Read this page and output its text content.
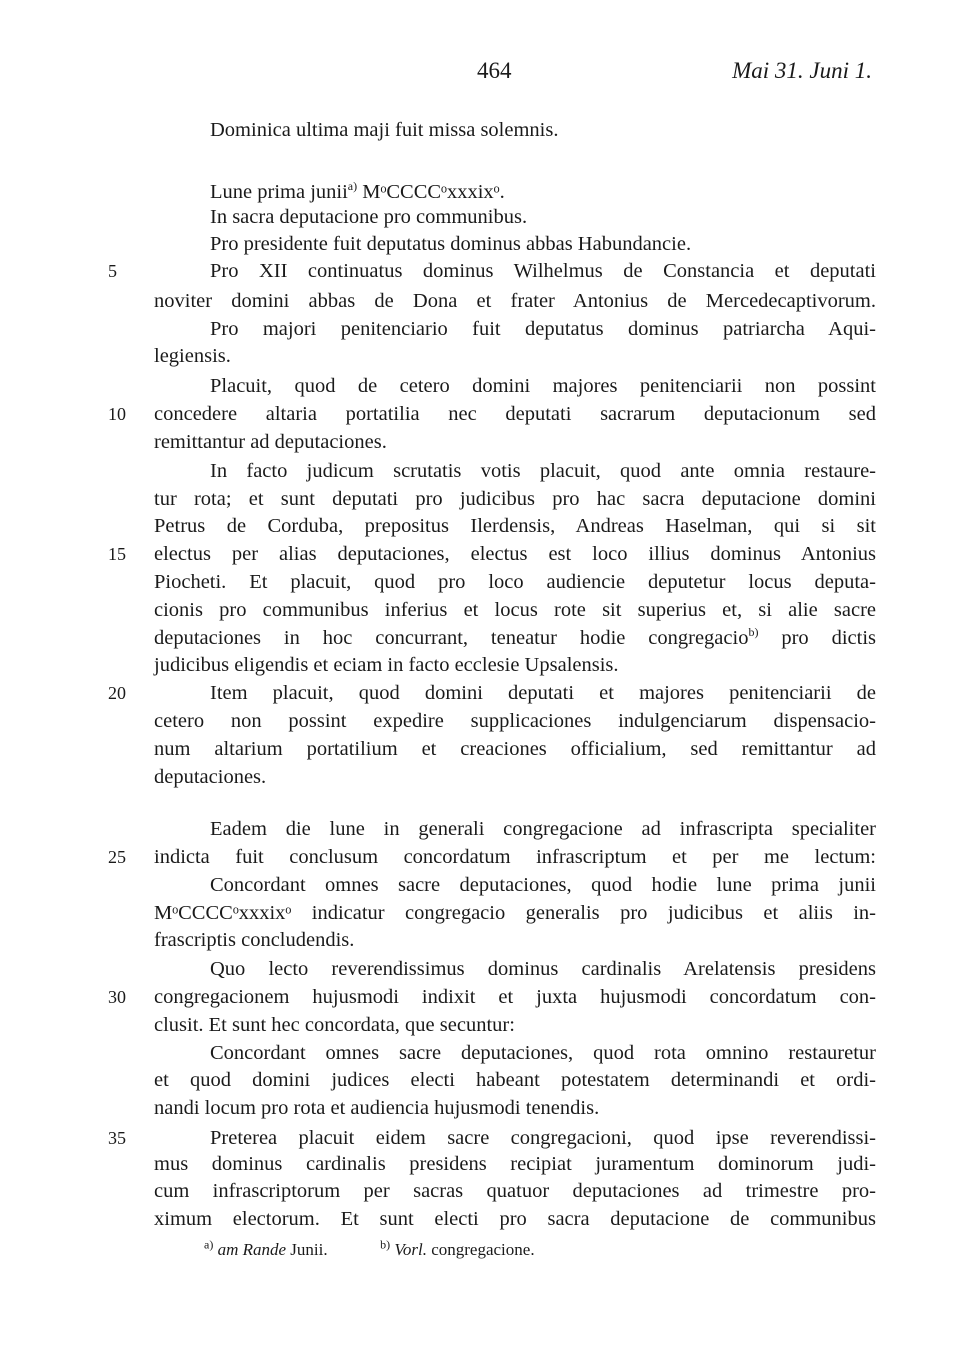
464	Mai 31. Juni 1.
Dominica ultima maji fuit missa solemnis.
Lune prima junii$^{a)}$ MᵒCCCCᵒxxxixᵒ.
In sacra deputacione pro communibus.
Pro presidente fuit deputatus dominus abbas Habundancie.
Pro XII continuatus dominus Wilhelmus de Constancia et deputati
noviter domini abbas de Dona et frater Antonius de Mercedecaptivorum.
Pro majori penitenciario fuit deputatus dominus patriarcha Aqui-
legiensis.
Placuit, quod de cetero domini majores penitenciarii non possint
concedere altaria portatilia nec deputati sacrarum deputacionum sed
remittantur ad deputaciones.
In facto judicum scrutatis votis placuit, quod ante omnia restaure-
tur rota; et sunt deputati pro judicibus pro hac sacra deputacione domini
Petrus de Corduba, prepositus Ilerdensis, Andreas Haselman, qui si sit
electus per alias deputaciones, electus est loco illius dominus Antonius
Piocheti. Et placuit, quod pro loco audiencie deputetur locus deputa-
cionis pro communibus inferius et locus rote sit superius et, si alie sacre
deputaciones in hoc concurrant, teneatur hodie congregacio$^{b)}$ pro dictis
judicibus eligendis et eciam in facto ecclesie Upsalensis.
Item placuit, quod domini deputati et majores penitenciarii de
cetero non possint expedire supplicaciones indulgenciarum dispensacio-
num altarium portatilium et creaciones officialium, sed remittantur ad
deputaciones.
Eadem die lune in generali congregacione ad infrascripta specialiter
indicta fuit conclusum concordatum infrascriptum et per me lectum:
Concordant omnes sacre deputaciones, quod hodie lune prima junii
MᵒCCCCᵒxxxixᵒ indicatur congregacio generalis pro judicibus et aliis in-
frascriptis concludendis.
Quo lecto reverendissimus dominus cardinalis Arelatensis presidens
congregacionem hujusmodi indixit et juxta hujusmodi concordatum con-
clusit. Et sunt hec concordata, que secuntur:
Concordant omnes sacre deputaciones, quod rota omnino restauretur
et quod domini judices electi habeant potestatem determinandi et ordi-
nandi locum pro rota et audiencia hujusmodi tenendis.
Preterea placuit eidem sacre congregacioni, quod ipse reverendissi-
mus dominus cardinalis presidens recipiat juramentum dominorum judi-
cum infrascriptorum per sacras quatuor deputaciones ad trimestre pro-
ximum electorum. Et sunt electi pro sacra deputacione de communibus
5
10
15
20
25
30
35
$^{a)}$ am Rande Junii.	$^{b)}$ Vorl. congregacione.
